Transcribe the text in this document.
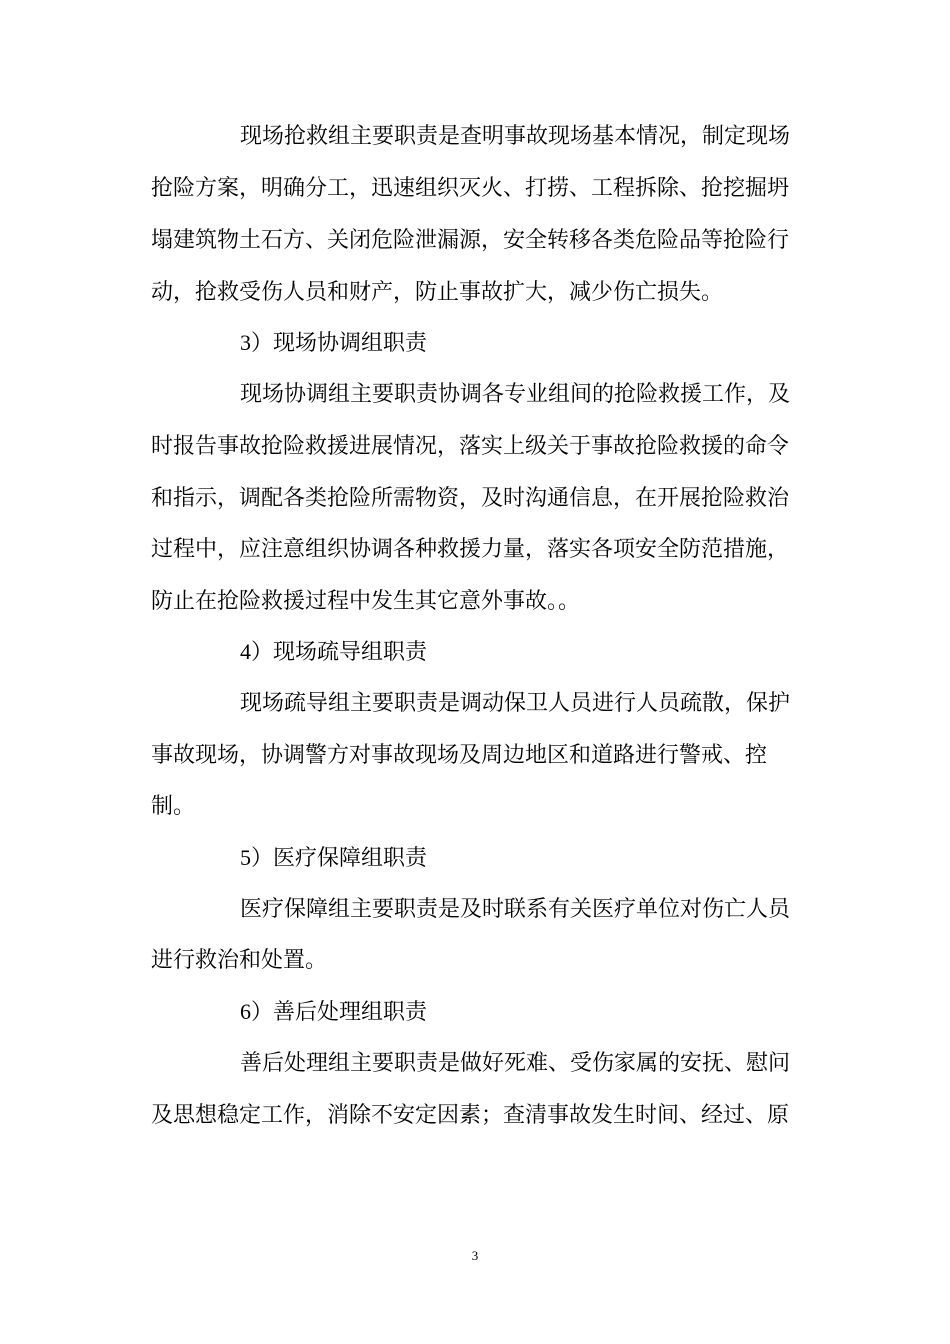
现场抢救组主要职责是查明事故现场基本情况，制定现场
抢险方案，明确分工，迅速组织灭火、打捞、工程拆除、抢挖掘坍
塌建筑物土石方、关闭危险泄漏源，安全转移各类危险品等抢险行
动，抢救受伤人员和财产，防止事故扩大，减少伤亡损失。
3）现场协调组职责
现场协调组主要职责协调各专业组间的抢险救援工作，及
时报告事故抢险救援进展情况，落实上级关于事故抢险救援的命令
和指示，调配各类抢险所需物资，及时沟通信息，在开展抢险救治
过程中，应注意组织协调各种救援力量，落实各项安全防范措施，
防止在抢险救援过程中发生其它意外事故。。
4）现场疏导组职责
现场疏导组主要职责是调动保卫人员进行人员疏散，保护
事故现场，协调警方对事故现场及周边地区和道路进行警戒、控
制。
5）医疗保障组职责
医疗保障组主要职责是及时联系有关医疗单位对伤亡人员
进行救治和处置。
6）善后处理组职责
善后处理组主要职责是做好死难、受伤家属的安抚、慰问
及思想稳定工作，消除不安定因素；查清事故发生时间、经过、原
3
